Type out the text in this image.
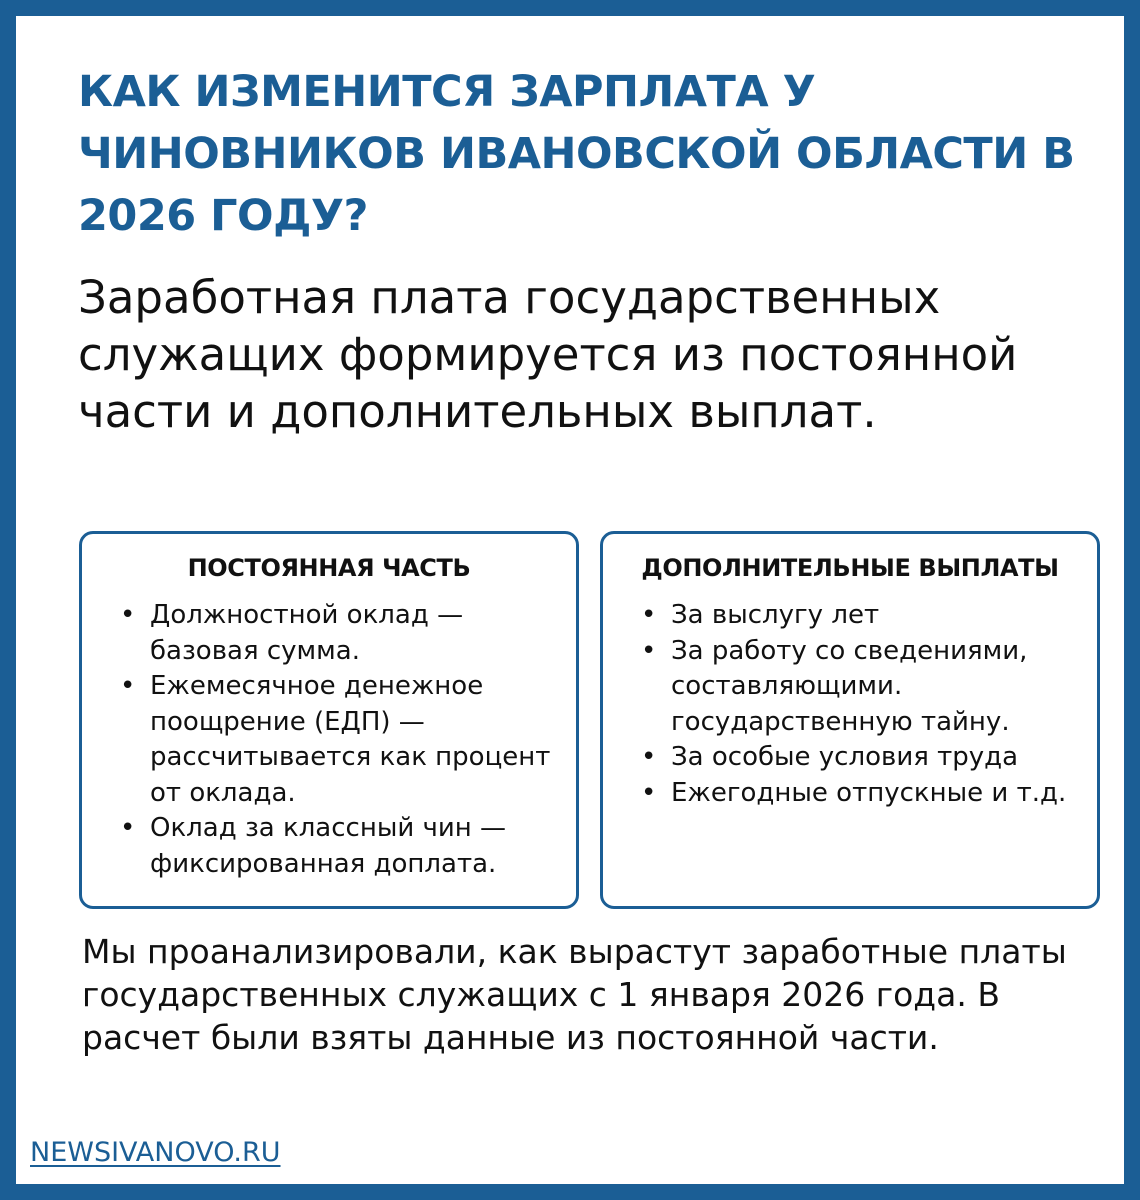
КАК ИЗМЕНИТСЯ ЗАРПЛАТА У ЧИНОВНИКОВ ИВАНОВСКОЙ ОБЛАСТИ В 2026 ГОДУ?

Заработная плата государственных служащих формируется из постоянной части и дополнительных выплат.

ПОСТОЯННАЯ ЧАСТЬ
• Должностной оклад — базовая сумма.
• Ежемесячное денежное поощрение (ЕДП) — рассчитывается как процент от оклада.
• Оклад за классный чин — фиксированная доплата.
ДОПОЛНИТЕЛЬНЫЕ ВЫПЛАТЫ
• За выслугу лет
• За работу со сведениями, составляющими. государственную тайну.
• За особые условия труда
• Ежегодные отпускные и т.д.

Мы проанализировали, как вырастут заработные платы государственных служащих с 1 января 2026 года. В расчет были взяты данные из постоянной части.

NEWSIVANOVO.RU
